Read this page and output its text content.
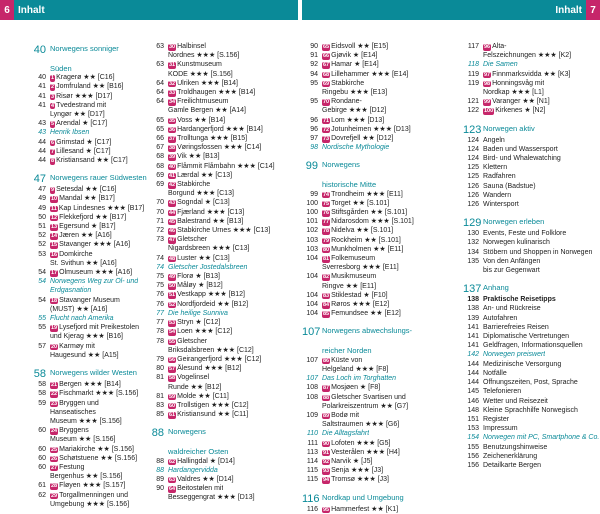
6 Inhalt	Inhalt 7
40 Norwegens sonniger
Süden
40 1 Kragerø ★★ [C16]
41 2 Jomfruland ★★ [B16]
41 3 Risør ★★★ [D17]
41 4 Tvedestrand mit
Lyngør ★★ [D17]
43 5 Arendal ★ [C17]
43 Henrik Ibsen
44 6 Grimstad ★ [C17]
44 7 Lillesand ★ [C17]
44 8 Kristiansand ★★ [C17]
47 Norwegens rauer Südwesten
47 9 Setesdal ★★ [C16]
49 10 Mandal ★★ [B17]
49 11 Kap Lindesnes ★★★ [B17]
50 12 Flekkefjord ★★ [B17]
51 13 Egersund ★ [B17]
52 14 Jæren ★★ [A16]
52 15 Stavanger ★★★ [A16]
53 16 Domkirche
St. Svithun ★★ [A16]
54 17 Ölmuseum ★★★ [A16]
54 Norwegens Weg zur Öl- und
Erdgasnation
54 18 Stavanger Museum
(MUST) ★★ [A16]
55 Flucht nach Amerika
55 19 Lysefjord mit Preikestolen
und Kjerag ★★★ [B16]
57 20 Karmøy mit
Haugesund ★★ [A15]
58 Norwegens wilder Westen
58 21 Bergen ★★★ [B14]
58 22 Fischmarkt ★★★ [S.156]
59 23 Bryggen und
Hanseatisches
Museum ★★★ [S.156]
60 24 Bryggens
Museum ★★ [S.156]
60 25 Mariakirche ★★ [S.156]
60 26 Schøtstuene ★★ [S.156]
60 27 Festung
Bergenhus ★★ [S.156]
61 28 Fløyen ★★★ [S.157]
62 29 Torgallmenningen und
Umgebung ★★★ [S.156]
63 30 Halbinsel
Nordnes ★★★ [S.156]
63 31 Kunstmuseum
KODE ★★★ [S.156]
64 32 Ulriken ★★★ [B14]
64 33 Troldhaugen ★★★ [B14]
64 34 Freilichtmuseum
Gamle Bergen ★★ [A14]
65 35 Voss ★★ [B14]
65 36 Hardangerfjord ★★★ [B14]
66 37 Trolltunga ★★★ [B15]
67 38 Vøringsfossen ★★★ [C14]
68 39 Vik ★★ [B13]
68 40 Flåmmit Flåmbahn ★★★ [C14]
69 41 Lærdal ★★ [C13]
69 42 Stabkirche
Borgund ★★★ [C13]
70 43 Sogndal ★ [C13]
70 44 Fjærland ★★★ [C13]
71 45 Balestrand ★★ [B13]
72 46 Stabkirche Urnes ★★★ [C13]
73 47 Gletscher
Nigardsbreen ★★★ [C13]
74 48 Luster ★★ [C13]
74 Gletscher Jostedalsbreen
75 49 Florø ★ [B13]
75 50 Måløy ★ [B12]
76 51 Vestkapp ★★★ [B12]
76 52 Nordfjordeid ★★ [B12]
77 Die heilige Sunniva
77 53 Stryn ★ [C12]
78 54 Loen ★★★ [C12]
78 55 Gletscher
Briksdalsbreen ★★★ [C12]
79 56 Geirangerfjord ★★★ [C12]
80 57 Ålesund ★★★ [B12]
81 58 Vogelinsel
Runde ★★ [B12]
81 59 Molde ★★ [C11]
83 60 Trollstigen ★★★ [C12]
85 61 Kristiansund ★★ [C11]
88 Norwegens
waldreicher Osten
88 62 Hallingdal ★ [D14]
88 Hardangervidda
89 63 Valdres ★★ [D14]
90 64 Beitostølen mit
Besseggengrat ★★★ [D13]
90 65 Eidsvoll ★★ [E15]
91 66 Gjøvik ★ [E14]
92 67 Hamar ★ [E14]
94 68 Lillehammer ★★★ [E14]
95 69 Stabkirche
Ringebu ★★★ [E13]
95 70 Rondane-
Gebirge ★★★ [D12]
96 71 Lom ★★★ [D13]
96 72 Jotunheimen ★★★ [D13]
97 73 Dovrefjell ★★ [D12]
98 Nordische Mythologie
99 Norwegens
historische Mitte
99 74 Trondheim ★★★ [E11]
100 75 Torget ★★ [S.101]
100 76 Stiftsgården ★★ [S.101]
101 77 Nidarosdom ★★★ [S.101]
102 78 Nidelva ★★ [S.101]
103 79 Rockheim ★★ [S.101]
103 80 Munkholmen ★★ [E11]
104 81 Folkemuseum
Sverresborg ★★★ [E11]
104 82 Musikmuseum
Ringve ★★ [E11]
104 83 Stiklestad ★ [F10]
104 84 Røros ★★★ [E12]
104 85 Femundsee ★★ [E12]
107 Norwegens abwechslungs-
reicher Norden
107 86 Küste von
Helgeland ★★★ [F8]
107 Das Loch im Torghatten
108 87 Mosjøen ★ [F8]
108 88 Gletscher Svartisen und
Polarkreiszentrum ★★ [G7]
109 89 Bodø mit
Saltstraumen ★★★ [G6]
110 Die Alltagsfahrt
111 90 Lofoten ★★★ [G5]
113 91 Vesterålen ★★★ [H4]
114 92 Narvik ★ [J5]
115 93 Senja ★★★ [J3]
115 94 Tromsø ★★★ [J3]
116 Nordkap und Umgebung
116 95 Hammerfest ★★ [K1]
117 96 Alta-
Felszeichnungen ★★★ [K2]
118 Die Samen
119 97 Finnmarksvidda ★★ [K3]
119 98 Honningsvåg mit
Nordkap ★★★ [L1]
121 99 Varanger ★★ [N1]
122 100 Kirkenes ★ [N2]
123 Norwegen aktiv
124 Angeln
124 Baden und Wassersport
124 Bird- und Whalewatching
125 Klettern
125 Radfahren
126 Sauna (Badstue)
126 Wandern
126 Wintersport
129 Norwegen erleben
130 Events, Feste und Folklore
132 Norwegen kulinarisch
134 Stöbern und Shoppen in Norwegen
135 Von den Anfängen
bis zur Gegenwart
137 Anhang
138 Praktische Reisetipps
138 An- und Rückreise
139 Autofahren
141 Barrierefreies Reisen
141 Diplomatische Vertretungen
141 Geldfragen, Informationsquellen
142 Norwegen preiswert
144 Medizinische Versorgung
144 Notfälle
144 Öffnungszeiten, Post, Sprache
145 Telefonieren
146 Wetter und Reisezeit
148 Kleine Sprachhilfe Norwegisch
151 Register
153 Impressum
154 Norwegen mit PC, Smartphone & Co.
155 Benutzungshinweise
156 Zeichenerklärung
156 Detailkarte Bergen
